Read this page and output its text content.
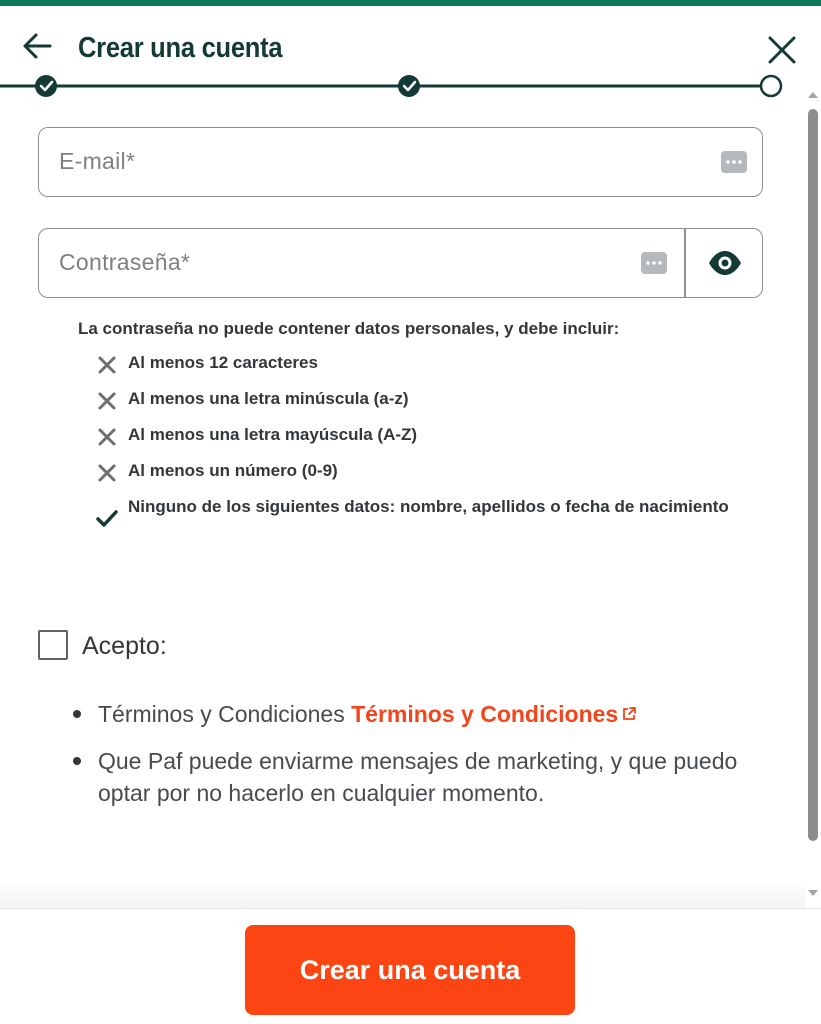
Crear una cuenta
E-mail*
Contraseña*
La contraseña no puede contener datos personales, y debe incluir:
Al menos 12 caracteres
Al menos una letra minúscula (a-z)
Al menos una letra mayúscula (A-Z)
Al menos un número (0-9)
Ninguno de los siguientes datos: nombre, apellidos o fecha de nacimiento
Acepto:
Términos y Condiciones Términos y Condiciones
Que Paf puede enviarme mensajes de marketing, y que puedo optar por no hacerlo en cualquier momento.
Crear una cuenta
